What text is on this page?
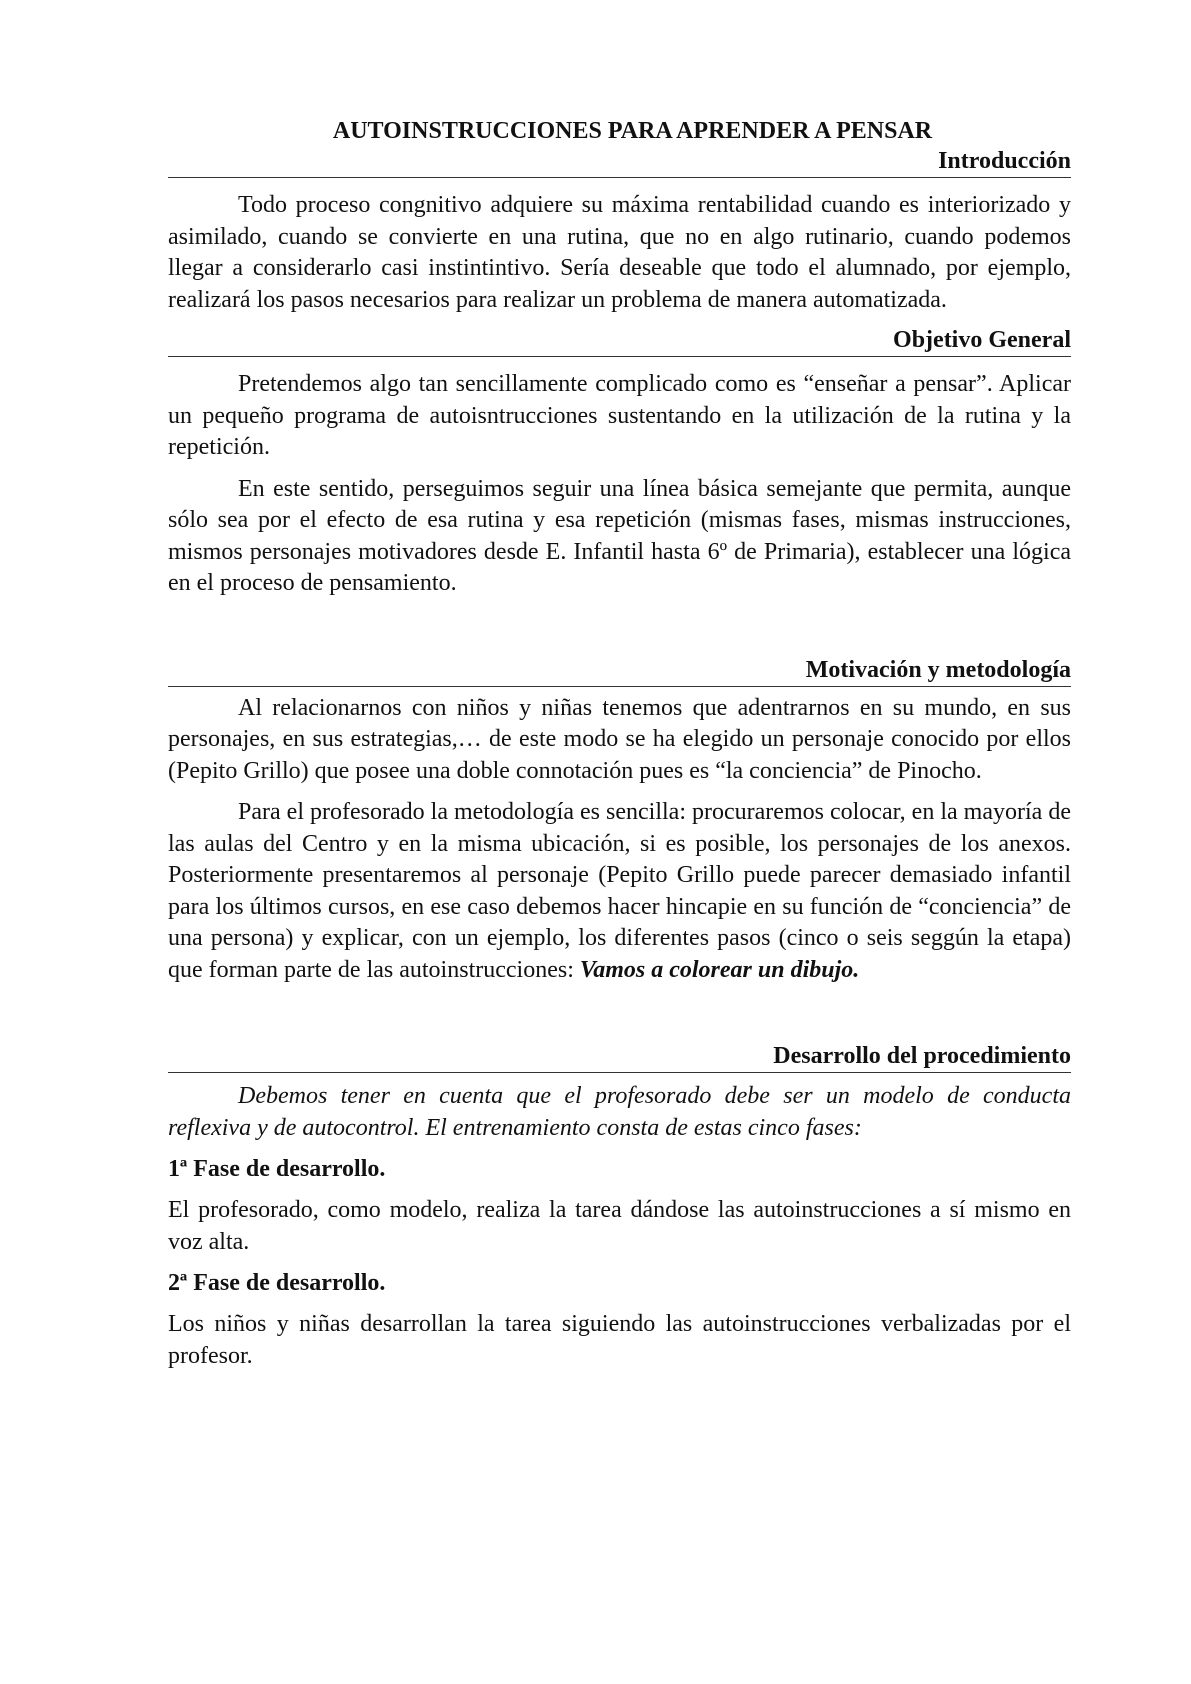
AUTOINSTRUCCIONES PARA APRENDER A PENSAR
Introducción

Todo proceso congnitivo adquiere su máxima rentabilidad cuando es interiorizado y asimilado, cuando se convierte en una rutina, que no en algo rutinario, cuando podemos llegar a considerarlo casi instintintivo. Sería deseable que todo el alumnado, por ejemplo, realizará los pasos necesarios para realizar un problema de manera automatizada.

Objetivo General

Pretendemos algo tan sencillamente complicado como es “enseñar a pensar”. Aplicar un pequeño programa de autoisntrucciones sustentando en la utilización de la rutina y la repetición.

En este sentido, perseguimos seguir una línea básica semejante que permita, aunque sólo sea por el efecto de esa rutina y esa repetición (mismas fases, mismas instrucciones, mismos personajes motivadores desde E. Infantil hasta 6º de Primaria), establecer una lógica en el proceso de pensamiento.

Motivación y metodología

Al relacionarnos con niños y niñas tenemos que adentrarnos en su mundo, en sus personajes, en sus estrategias,… de este modo se ha elegido un personaje conocido por ellos (Pepito Grillo) que posee una doble connotación pues es “la conciencia” de Pinocho.

Para el profesorado la metodología es sencilla: procuraremos colocar, en la mayoría de las aulas del Centro y en la misma ubicación, si es posible, los personajes de los anexos. Posteriormente presentaremos al personaje (Pepito Grillo puede parecer demasiado infantil para los últimos cursos, en ese caso debemos hacer hincapie en su función de “conciencia” de una persona) y explicar, con un ejemplo, los diferentes pasos (cinco o seis seggún la etapa) que forman parte de las autoinstrucciones: Vamos a colorear un dibujo.

Desarrollo del procedimiento

Debemos tener en cuenta que el profesorado debe ser un modelo de conducta reflexiva y de autocontrol. El entrenamiento consta de estas cinco fases:

1ª Fase de desarrollo.

El profesorado, como modelo, realiza la tarea dándose las autoinstrucciones a sí mismo en voz alta.

2ª Fase de desarrollo.

Los niños y niñas desarrollan la tarea siguiendo las autoinstrucciones verbalizadas por el profesor.
